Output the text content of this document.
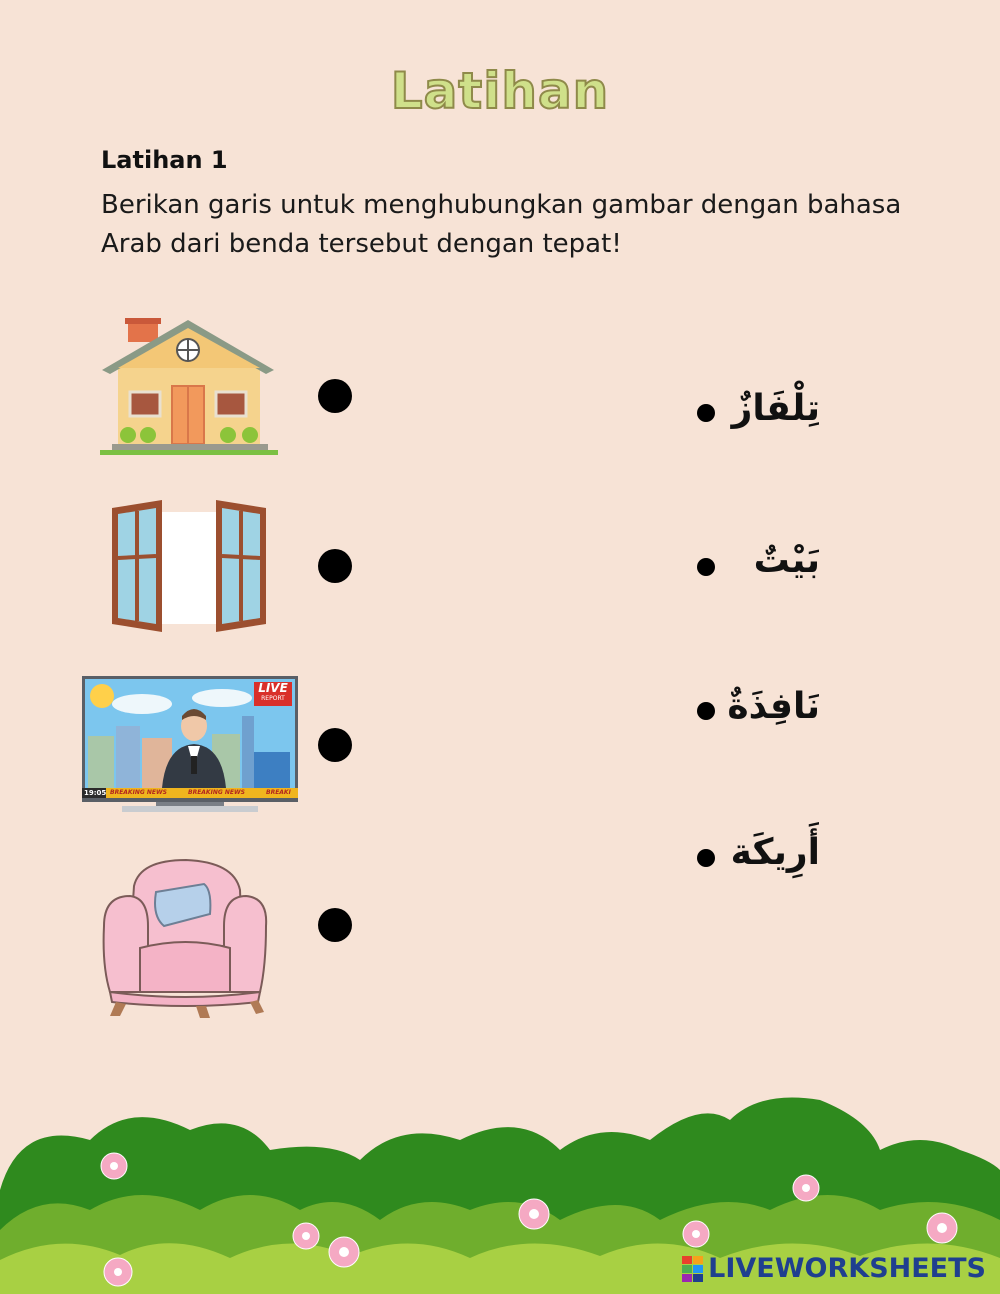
Latihan
Latihan 1
Berikan garis untuk menghubungkan gambar dengan bahasa Arab dari benda tersebut dengan tepat!
LIVE
REPORT
19:05 BREAKING NEWS	BREAKING NEWS	BREAKI
تِلْفَازٌ
بَيْتٌ
نَافِذَةٌ
أَرِيكَة
LIVEWORKSHEETS
